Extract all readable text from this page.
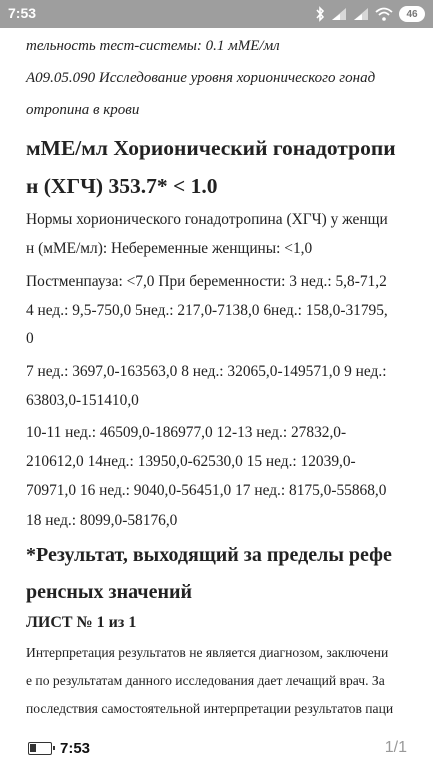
7:53	46
тельность тест-системы: 0.1 мМЕ/мл
A09.05.090 Исследование уровня хорионического гонад
отропина в крови
мМЕ/мл Хорионический гонадотропи
н (ХГЧ) 353.7* < 1.0
Нормы хорионического гонадотропина (ХГЧ) у женщи
н (мМЕ/мл): Небеременные женщины: <1,0
Постменпауза: <7,0 При беременности: 3 нед.: 5,8-71,2
4 нед.: 9,5-750,0 5нед.: 217,0-7138,0 6нед.: 158,0-31795,
0
7 нед.: 3697,0-163563,0 8 нед.: 32065,0-149571,0 9 нед.:
63803,0-151410,0
10-11 нед.: 46509,0-186977,0 12-13 нед.: 27832,0-
210612,0 14нед.: 13950,0-62530,0 15 нед.: 12039,0-
70971,0 16 нед.: 9040,0-56451,0 17 нед.: 8175,0-55868,0
18 нед.: 8099,0-58176,0
*Результат, выходящий за пределы рефе
ренсных значений
ЛИСТ № 1 из 1
Интерпретация результатов не является диагнозом, заключени
е по результатам данного исследования дает лечащий врач. За
последствия самостоятельной интерпретации результатов паци
7:53	1/1
